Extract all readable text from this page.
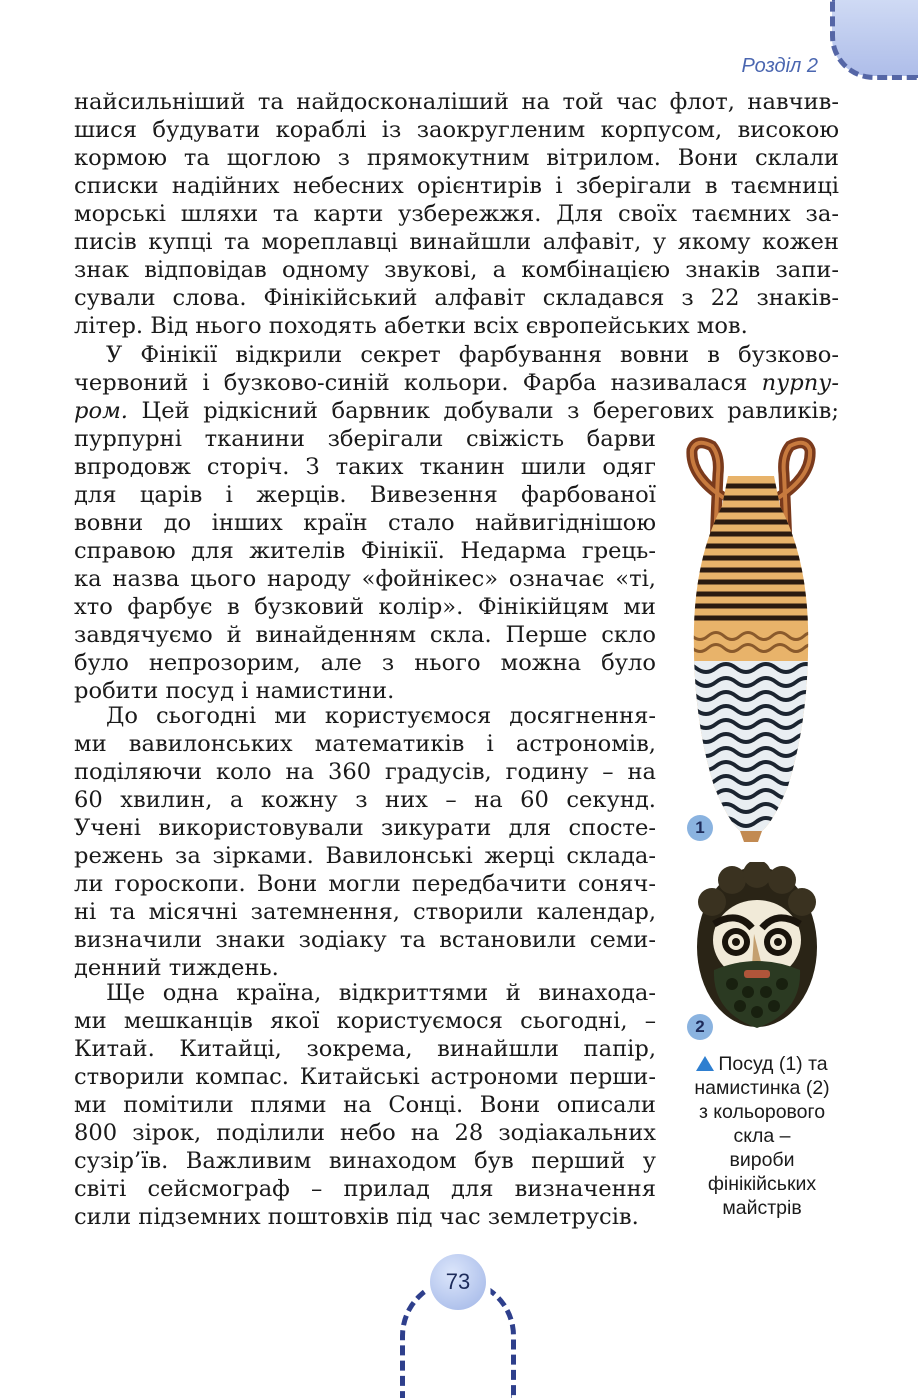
Розділ 2
найсильніший та найдосконаліший на той час флот, навчив-
шися будувати кораблі із заокругленим корпусом, високою
кормою та щоглою з прямокутним вітрилом. Вони склали
списки надійних небесних орієнтирів і зберігали в таємниці
морські шляхи та карти узбережжя. Для своїх таємних за-
писів купці та мореплавці винайшли алфавіт, у якому кожен
знак відповідав одному звукові, а комбінацією знаків запи-
сували слова. Фінікійський алфавіт складався з 22 знаків-
літер. Від нього походять абетки всіх європейських мов.
У Фінікії відкрили секрет фарбування вовни в бузково-
червоний і бузково-синій кольори. Фарба називалася пурпу-
ром. Цей рідкісний барвник добували з берегових равликів;
пурпурні тканини зберігали свіжість барви
впродовж сторіч. З таких тканин шили одяг
для царів і жерців. Вивезення фарбованої
вовни до інших країн стало найвигіднішою
справою для жителів Фінікії. Недарма грець-
ка назва цього народу «фойнікес» означає «ті,
хто фарбує в бузковий колір». Фінікійцям ми
завдячуємо й винайденням скла. Перше скло
було непрозорим, але з нього можна було
робити посуд і намистини.
До сьогодні ми користуємося досягнення-
ми вавилонських математиків і астрономів,
поділяючи коло на 360 градусів, годину – на
60 хвилин, а кожну з них – на 60 секунд.
Учені використовували зикурати для спосте-
режень за зірками. Вавилонські жерці склада-
ли гороскопи. Вони могли передбачити соняч-
ні та місячні затемнення, створили календар,
визначили знаки зодіаку та встановили семи-
денний тиждень.
Ще одна країна, відкриттями й винахода-
ми мешканців якої користуємося сьогодні, –
Китай. Китайці, зокрема, винайшли папір,
створили компас. Китайські астрономи перши-
ми помітили плями на Сонці. Вони описали
800 зірок, поділили небо на 28 зодіакальних
сузір’їв. Важливим винаходом був перший у
світі сейсмограф – прилад для визначення
сили підземних поштовхів під час землетрусів.
1
2
Посуд (1) та
намистинка (2)
з кольорового
скла –
вироби
фінікійських
майстрів
73
